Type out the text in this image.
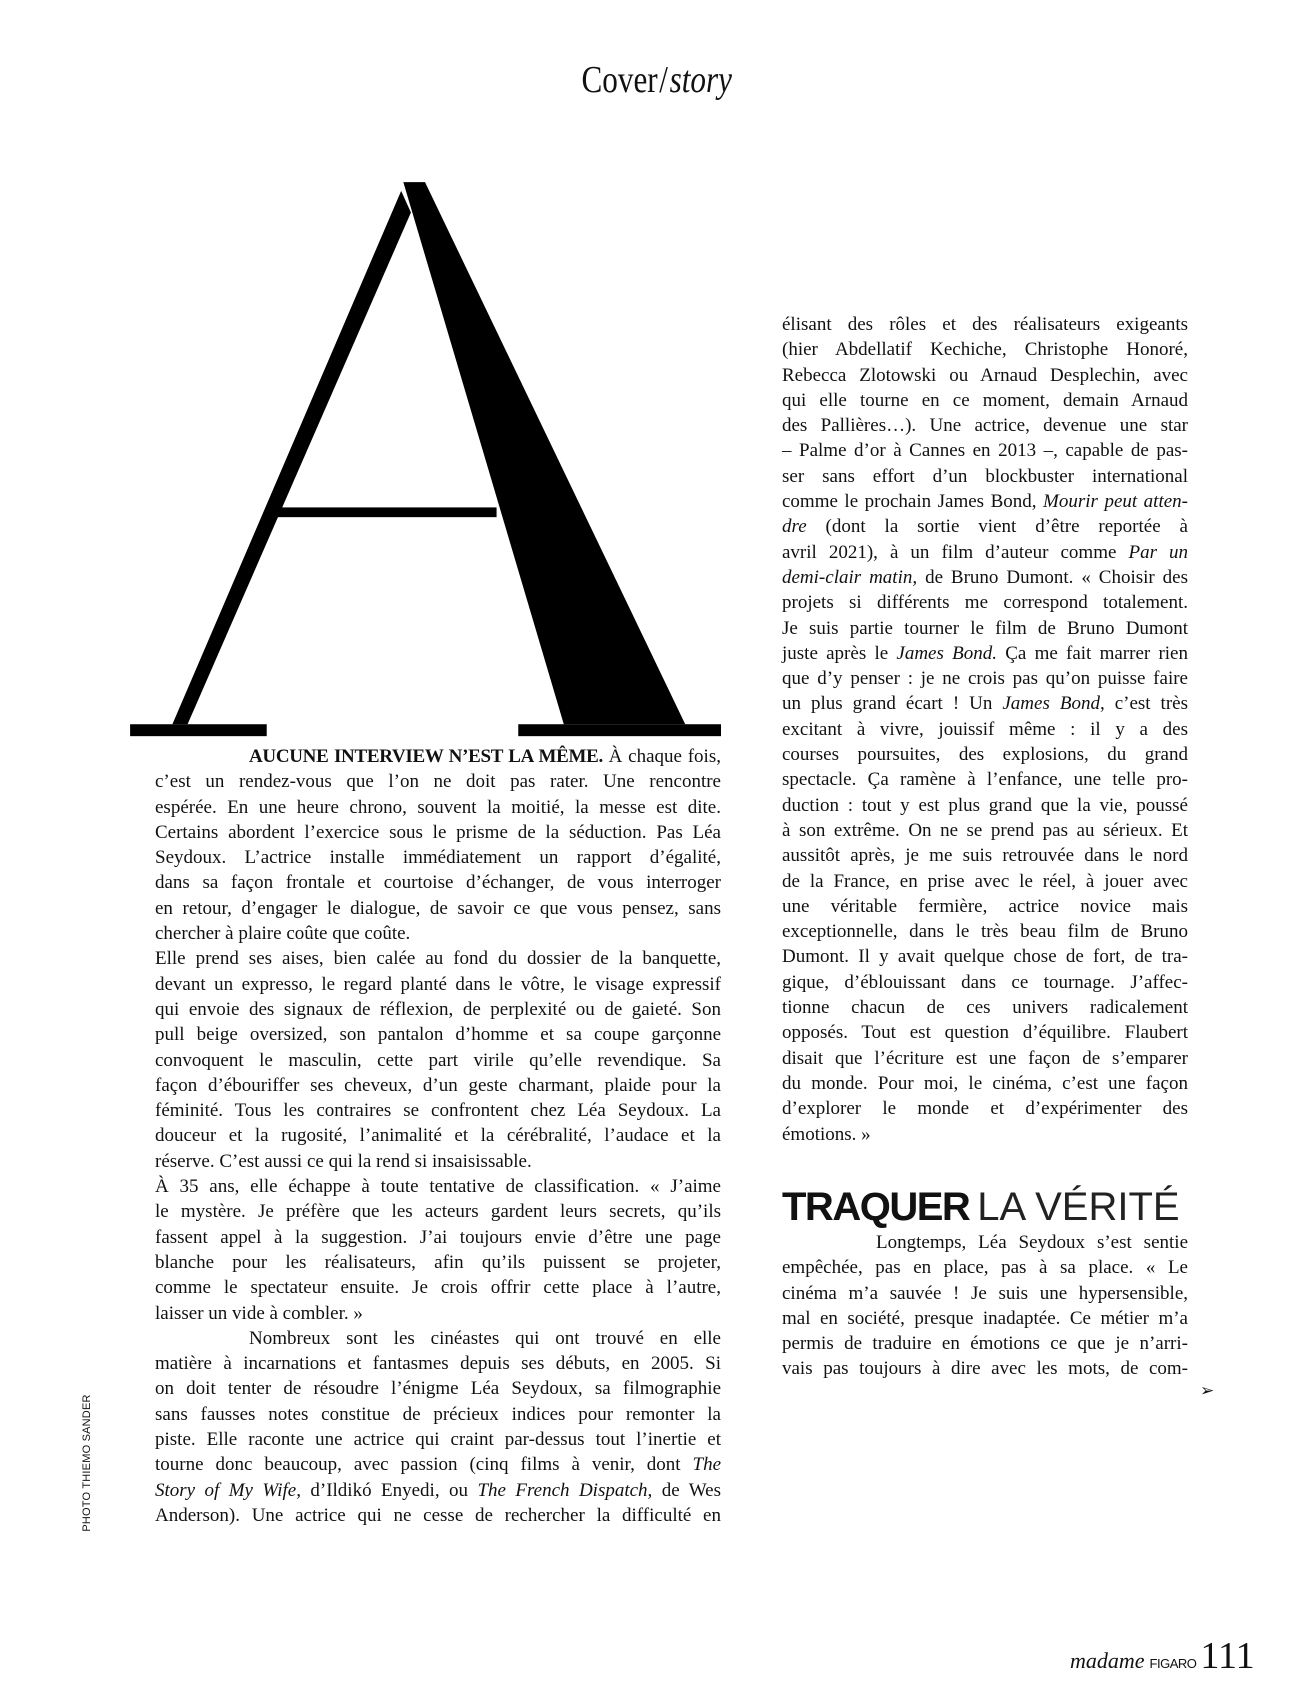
Cover/story
AUCUNE INTERVIEW N’EST LA MÊME. À chaque fois,
c’est un rendez-vous que l’on ne doit pas rater. Une rencontre
espérée. En une heure chrono, souvent la moitié, la messe est dite.
Certains abordent l’exercice sous le prisme de la séduction. Pas Léa
Seydoux. L’actrice installe immédiatement un rapport d’égalité,
dans sa façon frontale et courtoise d’échanger, de vous interroger
en retour, d’engager le dialogue, de savoir ce que vous pensez, sans
chercher à plaire coûte que coûte.
Elle prend ses aises, bien calée au fond du dossier de la banquette,
devant un expresso, le regard planté dans le vôtre, le visage expressif
qui envoie des signaux de réflexion, de perplexité ou de gaieté. Son
pull beige oversized, son pantalon d’homme et sa coupe garçonne
convoquent le masculin, cette part virile qu’elle revendique. Sa
façon d’ébouriffer ses cheveux, d’un geste charmant, plaide pour la
féminité. Tous les contraires se confrontent chez Léa Seydoux. La
douceur et la rugosité, l’animalité et la cérébralité, l’audace et la
réserve. C’est aussi ce qui la rend si insaisissable.
À 35 ans, elle échappe à toute tentative de classification. « J’aime
le mystère. Je préfère que les acteurs gardent leurs secrets, qu’ils
fassent appel à la suggestion. J’ai toujours envie d’être une page
blanche pour les réalisateurs, afin qu’ils puissent se projeter,
comme le spectateur ensuite. Je crois offrir cette place à l’autre,
laisser un vide à combler. »
Nombreux sont les cinéastes qui ont trouvé en elle
matière à incarnations et fantasmes depuis ses débuts, en 2005. Si
on doit tenter de résoudre l’énigme Léa Seydoux, sa filmographie
sans fausses notes constitue de précieux indices pour remonter la
piste. Elle raconte une actrice qui craint par-dessus tout l’inertie et
tourne donc beaucoup, avec passion (cinq films à venir, dont The
Story of My Wife, d’Ildikó Enyedi, ou The French Dispatch, de Wes
Anderson). Une actrice qui ne cesse de rechercher la difficulté en
élisant des rôles et des réalisateurs exigeants
(hier Abdellatif Kechiche, Christophe Honoré,
Rebecca Zlotowski ou Arnaud Desplechin, avec
qui elle tourne en ce moment, demain Arnaud
des Pallières…). Une actrice, devenue une star
– Palme d’or à Cannes en 2013 –, capable de pas-
ser sans effort d’un blockbuster international
comme le prochain James Bond, Mourir peut atten-
dre (dont la sortie vient d’être reportée à
avril 2021), à un film d’auteur comme Par un
demi-clair matin, de Bruno Dumont. « Choisir des
projets si différents me correspond totalement.
Je suis partie tourner le film de Bruno Dumont
juste après le James Bond. Ça me fait marrer rien
que d’y penser : je ne crois pas qu’on puisse faire
un plus grand écart ! Un James Bond, c’est très
excitant à vivre, jouissif même : il y a des
courses poursuites, des explosions, du grand
spectacle. Ça ramène à l’enfance, une telle pro-
duction : tout y est plus grand que la vie, poussé
à son extrême. On ne se prend pas au sérieux. Et
aussitôt après, je me suis retrouvée dans le nord
de la France, en prise avec le réel, à jouer avec
une véritable fermière, actrice novice mais
exceptionnelle, dans le très beau film de Bruno
Dumont. Il y avait quelque chose de fort, de tra-
gique, d’éblouissant dans ce tournage. J’affec-
tionne chacun de ces univers radicalement
opposés. Tout est question d’équilibre. Flaubert
disait que l’écriture est une façon de s’emparer
du monde. Pour moi, le cinéma, c’est une façon
d’explorer le monde et d’expérimenter des
émotions. »
TRAQUER LA VÉRITÉ
Longtemps, Léa Seydoux s’est sentie
empêchée, pas en place, pas à sa place. « Le
cinéma m’a sauvée ! Je suis une hypersensible,
mal en société, presque inadaptée. Ce métier m’a
permis de traduire en émotions ce que je n’arri-
vais pas toujours à dire avec les mots, de com-
➢
PHOTO THIEMO SANDER
madame FIGARO 111
